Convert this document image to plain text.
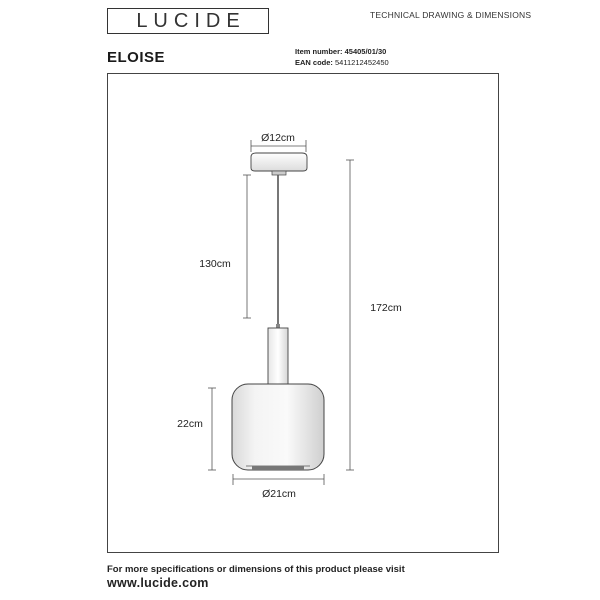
LUCIDE	TECHNICAL DRAWING & DIMENSIONS
ELOISE	Item number: 45405/01/30
EAN code: 5411212452450
Ø12cm
130cm
22cm
Ø21cm
172cm
For more specifications or dimensions of this product please visit
www.lucide.com
